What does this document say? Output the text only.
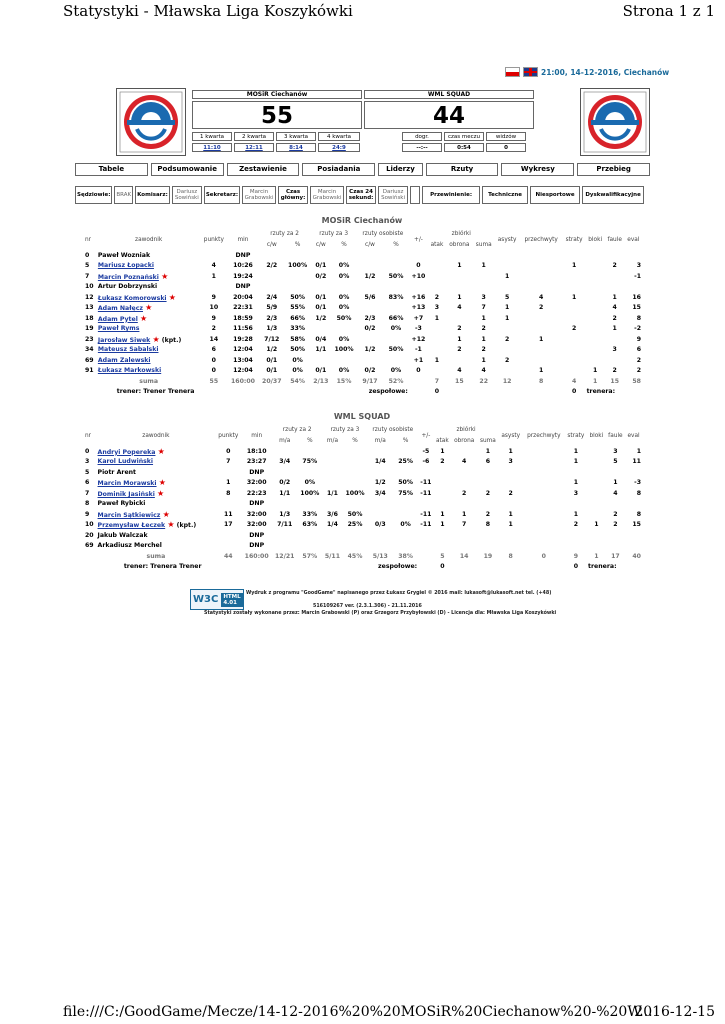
Statystyki - Mławska Liga Koszykówki	Strona 1 z 1
21:00, 14-12-2016, Ciechanów
MOSiR Ciechanów	WML SQUAD
55	44
1 kwarta	2 kwarta	3 kwarta	4 kwarta	dogr.	czas meczu	widzów
11:10	12:11	8:14	24:9	--:--	0:54	0
Tabele	Podsumowanie	Zestawienie	Posiadania	Liderzy	Rzuty	Wykresy	Przebieg
Sędziowie:	BRAK	Komisarz:	Dariusz Sowiński	Sekretarz:	Marcin Grabowski
Czas główny:
Marcin Grabowski
Czas 24 sekund:
Dariusz Sowiński	Przewinienie:	Techniczne	Niesportowe	Dyskwalifikacyjne
MOSiR Ciechanów
nr	zawodnik	punkty	min	rzuty za 2		rzuty za 3		rzuty osobiste		+/-	zbiórki			asysty	przechwyty	straty	bloki	faule	eval
				c/w	%	c/w	%	c/w	%		atak	obrona	suma						
0	Paweł Wozniak		DNP																
5	Mariusz Łopacki	4	10:26	2/2	100%	0/1	0%			0		1	1			1		2	3
7	Marcin Poznański ★	1	19:24			0/2	0%	1/2	50%	+10				1					-1
10	Artur Dobrzynski		DNP																
12	Łukasz Komorowski ★	9	20:04	2/4	50%	0/1	0%	5/6	83%	+16	2	1	3	5	4	1		1	16
13	Adam Nałęcz ★	10	22:31	5/9	55%	0/1	0%			+13	3	4	7	1	2			4	15
18	Adam Pytel ★	9	18:59	2/3	66%	1/2	50%	2/3	66%	+7	1		1	1				2	8
19	Paweł Ryms	2	11:56	1/3	33%			0/2	0%	-3		2	2			2		1	-2
23	Jarosław Siwek ★ (kpt.)	14	19:28	7/12	58%	0/4	0%			+12		1	1	2	1				9
34	Mateusz Sabalski	6	12:04	1/2	50%	1/1	100%	1/2	50%	-1		2	2					3	6
69	Adam Zalewski	0	13:04	0/1	0%					+1	1		1	2					2
91	Łukasz Markowski	0	12:04	0/1	0%	0/1	0%	0/2	0%	0		4	4		1		1	2	2
	suma	55	160:00	20/37	54%	2/13	15%	9/17	52%		7	15	22	12	8	4	1	15	58
trener: Trener Trenera							zespołowe:				0					0	trenera:		
WML SQUAD
nr	zawodnik	punkty	min	rzuty za 2		rzuty za 3		rzuty osobiste		+/-	zbiórki			asysty	przechwyty	straty	bloki	faule	eval
				m/a	%	m/a	%	m/a	%		atak	obrona	suma						
0	Andryi Popereka ★	0	18:10							-5	1		1	1		1		3	1
3	Karol Ludwiński	7	23:27	3/4	75%			1/4	25%	-6	2	4	6	3		1		5	11
5	Piotr Arent		DNP																
6	Marcin Morawski ★	1	32:00	0/2	0%			1/2	50%	-11						1		1	-3
7	Dominik Jasiński ★	8	22:23	1/1	100%	1/1	100%	3/4	75%	-11		2	2	2		3		4	8
8	Paweł Rybicki		DNP																
9	Marcin Sątkiewicz ★	11	32:00	1/3	33%	3/6	50%			-11	1	1	2	1		1		2	8
10	Przemysław Łeczek ★ (kpt.)	17	32:00	7/11	63%	1/4	25%	0/3	0%	-11	1	7	8	1		2	1	2	15
20	Jakub Walczak		DNP																
69	Arkadiusz Merchel		DNP																
	suma	44	160:00	12/21	57%	5/11	45%	5/13	38%		5	14	19	8	0	9	1	17	40
trener: Trenera Trener							zespołowe:				0					0	trenera:		
W3C HTML 4.01
Wydruk z programu "GoodGame" napisanego przez Łukasz Grygiel © 2016 mail: lukasoft@lukasoft.net tel. (+48)
516109267 ver. (2.3.1.306) - 21.11.2016
Statystyki zostały wykonane przez: Marcin Grabowski (P) oraz Grzegorz Przybyłowski (D) - Licencja dla: Mławska Liga Koszykówki
file:///C:/GoodGame/Mecze/14-12-2016%20%20MOSiR%20Ciechanow%20-%20W...
2016-12-15
